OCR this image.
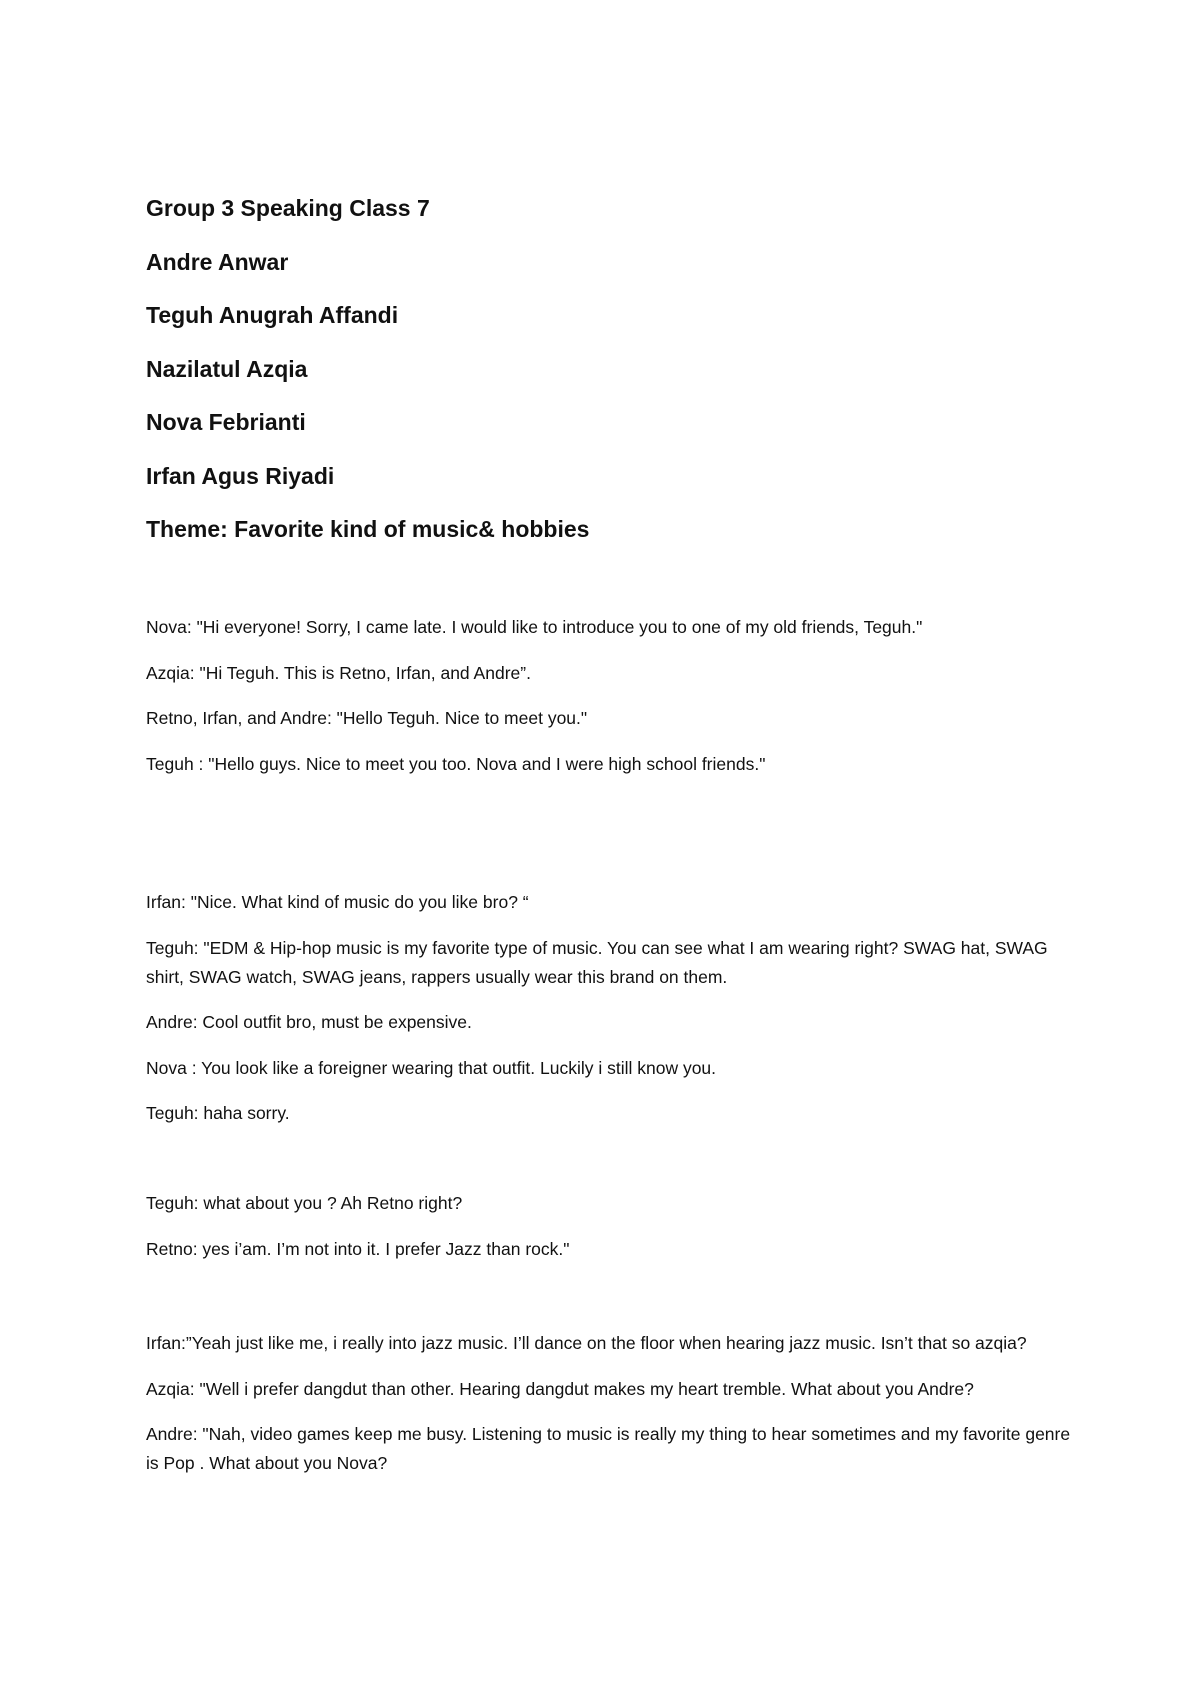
Group 3 Speaking Class 7
Andre Anwar
Teguh Anugrah Affandi
Nazilatul Azqia
Nova Febrianti
Irfan Agus Riyadi
Theme: Favorite kind of music& hobbies

Nova: "Hi everyone! Sorry, I came late. I would like to introduce you to one of my old friends, Teguh."

Azqia: "Hi Teguh. This is Retno, Irfan, and Andre”.

Retno, Irfan, and Andre: "Hello Teguh. Nice to meet you."

Teguh : "Hello guys. Nice to meet you too. Nova and I were high school friends."

Irfan: "Nice. What kind of music do you like bro? “

Teguh: "EDM & Hip-hop music is my favorite type of music. You can see what I am wearing right? SWAG hat, SWAG shirt, SWAG watch, SWAG jeans, rappers usually wear this brand on them.

Andre: Cool outfit bro, must be expensive.

Nova : You look like a foreigner wearing that outfit. Luckily i still know you.

Teguh: haha sorry.

Teguh: what about you ? Ah Retno right?

Retno: yes i’am. I’m not into it. I prefer Jazz than rock."

Irfan:”Yeah just like me, i really into jazz music. I’ll dance on the floor when hearing jazz music. Isn’t that so azqia?

Azqia: "Well i prefer dangdut than other. Hearing dangdut makes my heart tremble. What about you Andre?

Andre: "Nah, video games keep me busy. Listening to music is really my thing to hear sometimes and my favorite genre is Pop . What about you Nova?
